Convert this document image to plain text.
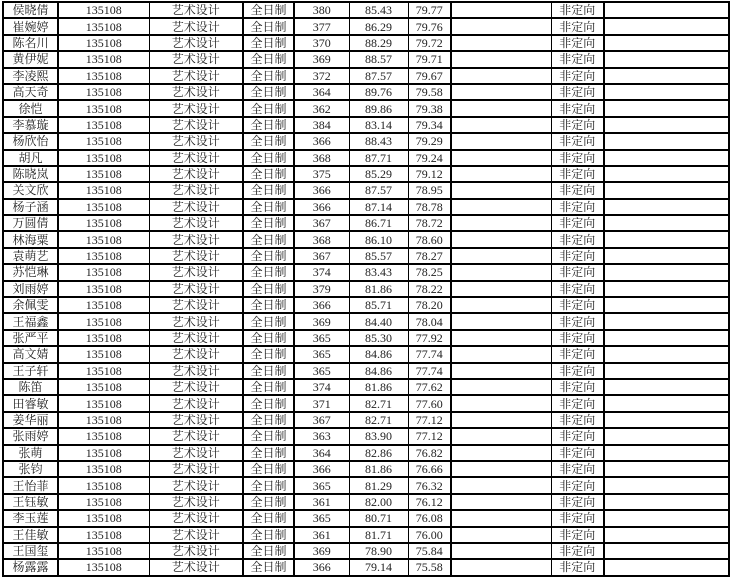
侯晓倩	135108	艺术设计	全日制	380	85.43	79.77		非定向	
崔婉婷	135108	艺术设计	全日制	377	86.29	79.76		非定向	
陈名川	135108	艺术设计	全日制	370	88.29	79.72		非定向	
黄伊妮	135108	艺术设计	全日制	369	88.57	79.71		非定向	
李凌熙	135108	艺术设计	全日制	372	87.57	79.67		非定向	
高天奇	135108	艺术设计	全日制	364	89.76	79.58		非定向	
徐恺	135108	艺术设计	全日制	362	89.86	79.38		非定向	
李慕璇	135108	艺术设计	全日制	384	83.14	79.34		非定向	
杨欣怡	135108	艺术设计	全日制	366	88.43	79.29		非定向	
胡凡	135108	艺术设计	全日制	368	87.71	79.24		非定向	
陈晓岚	135108	艺术设计	全日制	375	85.29	79.12		非定向	
关文欣	135108	艺术设计	全日制	366	87.57	78.95		非定向	
杨子涵	135108	艺术设计	全日制	366	87.14	78.78		非定向	
万圆倩	135108	艺术设计	全日制	367	86.71	78.72		非定向	
林海粟	135108	艺术设计	全日制	368	86.10	78.60		非定向	
袁萌艺	135108	艺术设计	全日制	367	85.57	78.27		非定向	
苏恺琳	135108	艺术设计	全日制	374	83.43	78.25		非定向	
刘雨婷	135108	艺术设计	全日制	379	81.86	78.22		非定向	
余佩雯	135108	艺术设计	全日制	366	85.71	78.20		非定向	
王福鑫	135108	艺术设计	全日制	369	84.40	78.04		非定向	
张严平	135108	艺术设计	全日制	365	85.30	77.92		非定向	
高文婧	135108	艺术设计	全日制	365	84.86	77.74		非定向	
王子轩	135108	艺术设计	全日制	365	84.86	77.74		非定向	
陈笛	135108	艺术设计	全日制	374	81.86	77.62		非定向	
田睿敏	135108	艺术设计	全日制	371	82.71	77.60		非定向	
姜华丽	135108	艺术设计	全日制	367	82.71	77.12		非定向	
张雨婷	135108	艺术设计	全日制	363	83.90	77.12		非定向	
张萌	135108	艺术设计	全日制	364	82.86	76.82		非定向	
张钧	135108	艺术设计	全日制	366	81.86	76.66		非定向	
王怡菲	135108	艺术设计	全日制	365	81.29	76.32		非定向	
王钰敏	135108	艺术设计	全日制	361	82.00	76.12		非定向	
李玉莲	135108	艺术设计	全日制	365	80.71	76.08		非定向	
王佳敏	135108	艺术设计	全日制	361	81.71	76.00		非定向	
王国玺	135108	艺术设计	全日制	369	78.90	75.84		非定向	
杨露露	135108	艺术设计	全日制	366	79.14	75.58		非定向	
